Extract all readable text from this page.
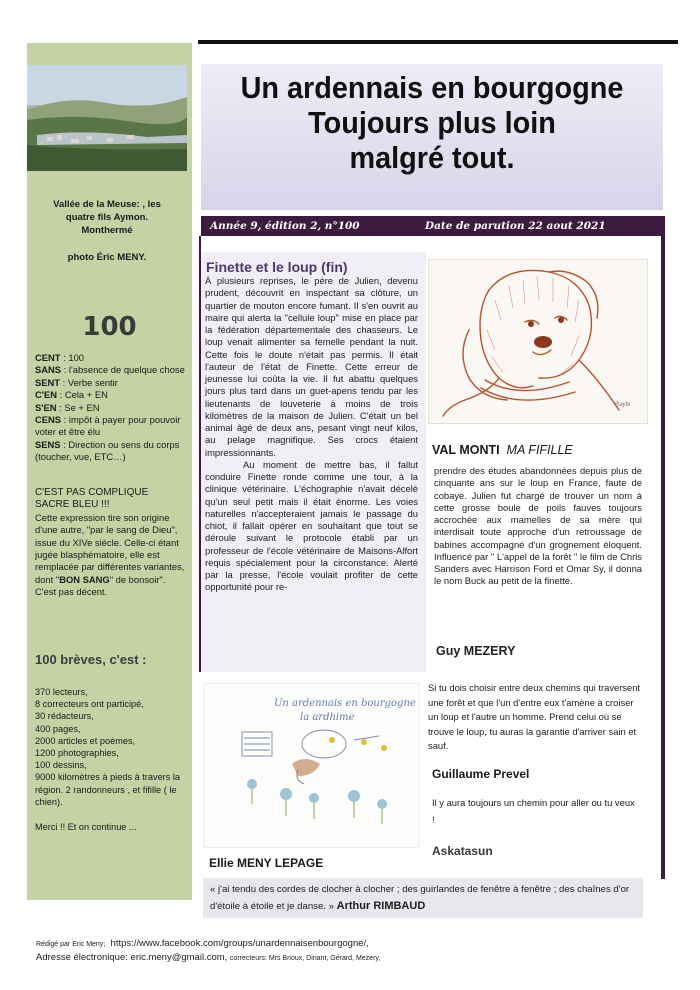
Vallée de la Meuse: , les
quatre fils Aymon.
Monthermé
photo Éric MENY.
100
CENT : 100
SANS : l'absence de quelque chose
SENT : Verbe sentir
C'EN : Cela + EN
S'EN : Se + EN
CENS : impôt à payer pour pouvoir voter et être élu
SENS : Direction ou sens du corps (toucher, vue, ETC…)
C'EST PAS COMPLIQUE SACRE BLEU !!!
Cette expression tire son origine d'une autre, "par le sang de Dieu", issue du XIVe siècle. Celle-ci étant jugée blasphématoire, elle est remplacée par différentes variantes, dont "BON SANG" de bonsoir".
C'est pas décent.
100 brèves, c'est :
370 lecteurs,
8 correcteurs ont participé,
30 rédacteurs,
400 pages,
2000 articles et poèmes,
1200 photographies,
100 dessins,
9000 kilomètres à pieds à travers la région. 2 randonneurs , et fifille ( le chien).
Merci !! Et on continue ...
Un ardennais en bourgogne
Toujours plus loin
malgré tout.
Année 9, édition 2, n°100	Date de parution 22 aout 2021
Finette et le loup (fin)

À plusieurs reprises, le père de Julien, devenu prudent, découvrit en inspectant sa clôture, un quartier de mouton encore fumant. Il s'en ouvrit au maire qui alerta la "cellule loup" mise en place par la fédération départementale des chasseurs. Le loup venait alimenter sa femelle pendant la nuit. Cette fois le doute n'était pas permis. Il était l'auteur de l'état de Finette. Cette erreur de jeunesse lui coûta la vie. Il fut abattu quelques jours plus tard dans un guet-apens tendu par les lieutenants de louveterie à moins de trois kilomètres de la maison de Julien. C'était un bel animal âgé de deux ans, pesant vingt neuf kilos, au pelage magnifique. Ses crocs étaient impressionnants.

Au moment de mettre bas, il fallut conduire Finette ronde comme une tour, à la clinique vétérinaire. L'échographie n'avait décelé qu'un seul petit mais il était énorme. Les voies naturelles n'accepteraient jamais le passage du chiot, il fallait opérer en souhaitant que tout se déroule suivant le protocole établi par un professeur de l'école vétérinaire de Maisons-Alfort requis spécialement pour la circonstance. Alerté par la presse, l'école voulait profiter de cette opportunité pour re-

Raybi
VAL MONTI MA FIFILLE
prendre des études abandonnées depuis plus de cinquante ans sur le loup en France, faute de cobaye. Julien fut chargé de trouver un nom à cette grosse boule de poils fauves toujours accrochée aux mamelles de sa mère qui interdisait toute approche d'un retroussage de babines accompagné d'un grognement éloquent. Influencé par " L'appel de la forêt " le film de Chris Sanders avec Harrison Ford et Omar Sy, il donna le nom Buck au petit de la finette.
Guy MEZERY
Un ardennais en bourgogne
la ardhime
Si tu dois choisir entre deux chemins qui traversent une forêt et que l'un d'entre eux t'amène à croiser un loup et l'autre un homme. Prend celui où se trouve le loup, tu auras la garantie d'arriver sain et sauf.
Guillaume Prevel
Il y aura toujours un chemin pour aller ou tu veux !
Askatasun
Ellie MENY LEPAGE
« j'ai tendu des cordes de clocher à clocher ; des guirlandes de fenêtre à fenêtre ; des chaînes d'or d'étoile à étoile et je danse. » Arthur RIMBAUD
Rédigé par Eric Meny; https://www.facebook.com/groups/unardennaisenbourgogne/,
Adresse électronique: eric.meny@gmail.com, correcteurs: Mrs Brioux, Dinant, Gérard, Mezery,
